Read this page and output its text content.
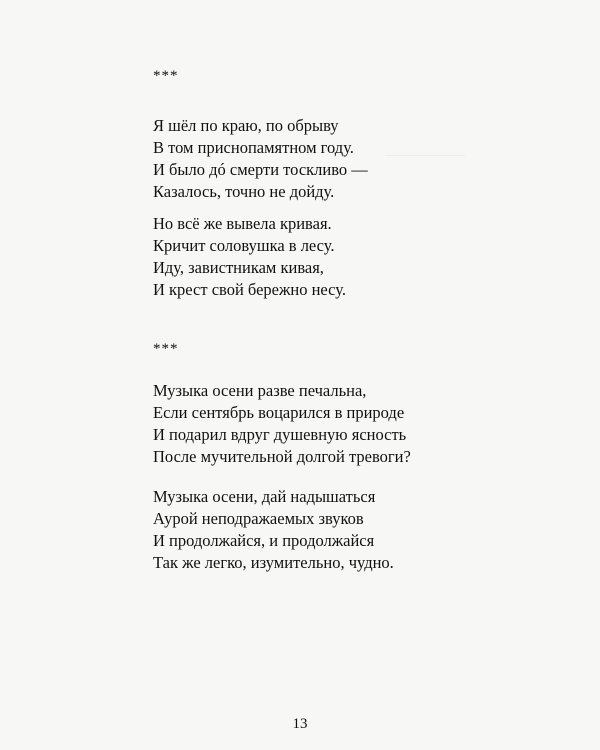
***
Я шёл по краю, по обрыву
В том приснопамятном году.
И было дó смерти тоскливо —
Казалось, точно не дойду.
Но всё же вывела кривая.
Кричит соловушка в лесу.
Иду, завистникам кивая,
И крест свой бережно несу.
***
Музыка осени разве печальна,
Если сентябрь воцарился в природе
И подарил вдруг душевную ясность
После мучительной долгой тревоги?
Музыка осени, дай надышаться
Аурой неподражаемых звуков
И продолжайся, и продолжайся
Так же легко, изумительно, чудно.
13
